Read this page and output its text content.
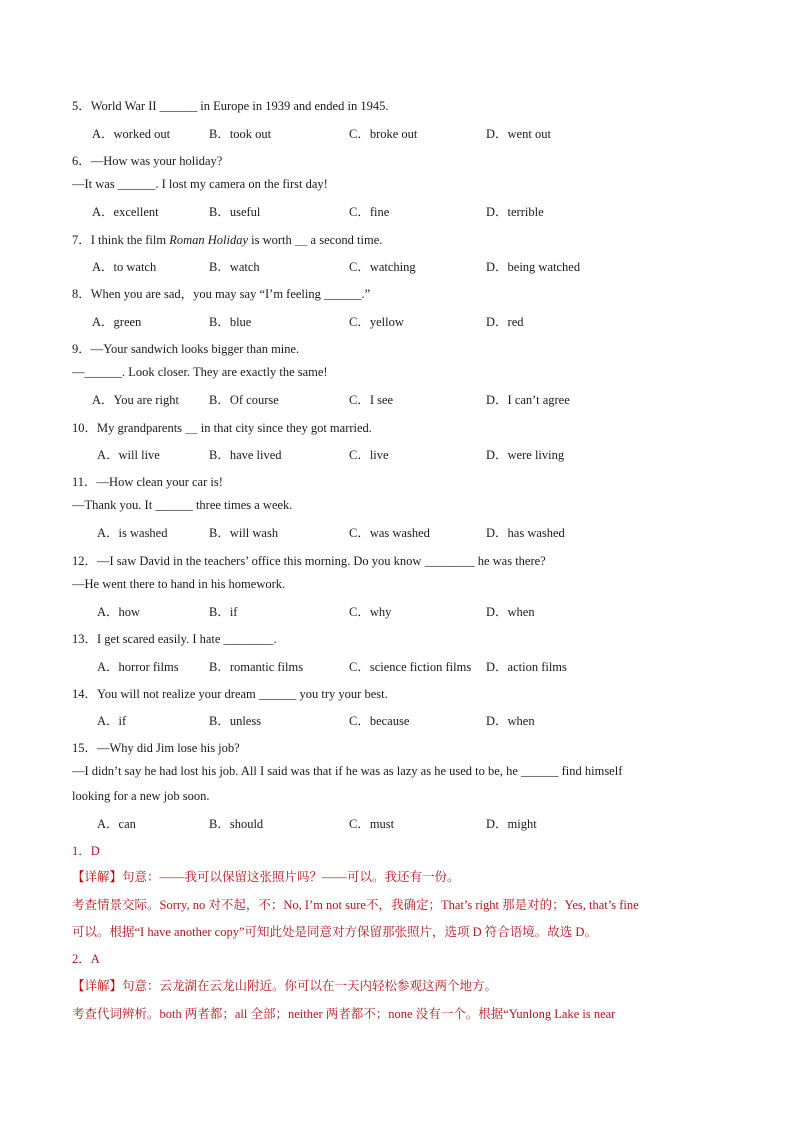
5．World War II ______ in Europe in 1939 and ended in 1945.
A．worked out	B．took out	C．broke out	D．went out
6．—How was your holiday?
—It was ______. I lost my camera on the first day!
A．excellent	B．useful	C．fine	D．terrible
7．I think the film Roman Holiday is worth ＿ a second time.
A．to watch	B．watch	C．watching	D．being watched
8．When you are sad，you may say “I’m feeling ______.”
A．green	B．blue	C．yellow	D．red
9．—Your sandwich looks bigger than mine.
—______. Look closer. They are exactly the same!
A．You are right B．Of course	C．I see	D．I can’t agree
10．My grandparents ＿ in that city since they got married.
A．will live	B．have lived	C．live	D．were living
11．—How clean your car is!
—Thank you. It ______ three times a week.
A．is washed	B．will wash	C．was washed	D．has washed
12．—I saw David in the teachers’ office this morning. Do you know ________ he was there?
—He went there to hand in his homework.
A．how	B．if	C．why	D．when
13．I get scared easily. I hate ________.
A．horror films B．romantic films	C．science fiction films D．action films
14．You will not realize your dream ______ you try your best.
A．if	B．unless	C．because	D．when
15．—Why did Jim lose his job?
—I didn’t say he had lost his job. All I said was that if he was as lazy as he used to be, he ______ find himself
looking for a new job soon.
A．can	B．should	C．must	D．might
1．D
【详解】句意：——我可以保留这张照片吗？——可以。我还有一份。
考查情景交际。Sorry, no 对不起，不；No, I’m not sure不，我确定；That’s right 那是对的；Yes, that’s fine
可以。根据“I have another copy”可知此处是同意对方保留那张照片，选项 D 符合语境。故选 D。
2．A
【详解】句意：云龙湖在云龙山附近。你可以在一天内轻松参观这两个地方。
考查代词辨析。both 两者都；all 全部；neither 两者都不；none 没有一个。根据“Yunlong Lake is near
